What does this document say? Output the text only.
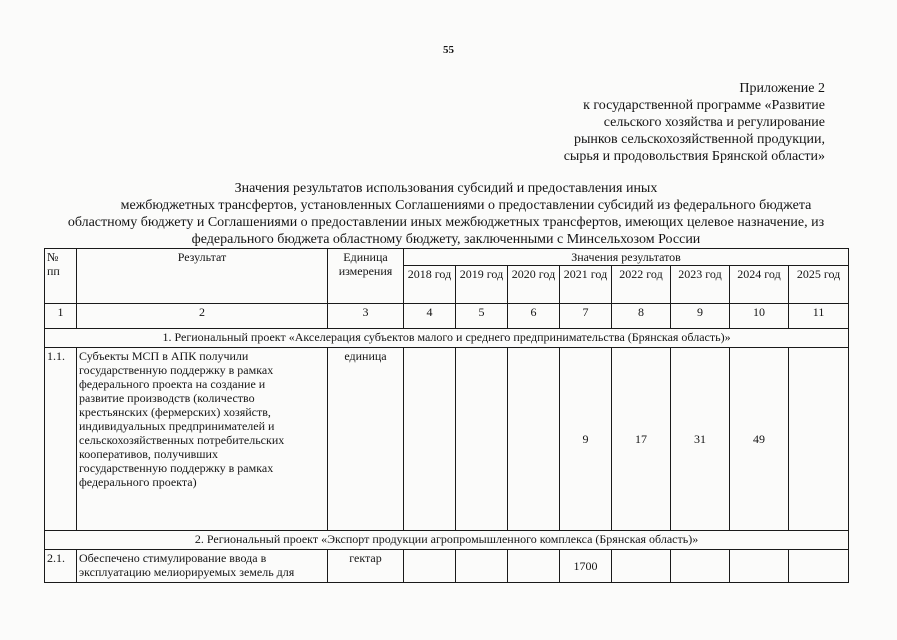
55
Приложение 2
к государственной программе «Развитие
сельского хозяйства и регулирование
рынков сельскохозяйственной продукции,
сырья и продовольствия Брянской области»
Значения результатов использования субсидий и предоставления иных
межбюджетных трансфертов, установленных Соглашениями о предоставлении субсидий из федерального бюджета
областному бюджету и Соглашениями о предоставлении иных межбюджетных трансфертов, имеющих целевое назначение, из
федерального бюджета областному бюджету, заключенными с Минсельхозом России
№ пп	Результат	Единица измерения	Значения результатов							
			2018 год	2019 год	2020 год	2021 год	2022 год	2023 год	2024 год	2025 год
1	2	3	4	5	6	7	8	9	10	11
1. Региональный проект «Акселерация субъектов малого и среднего предпринимательства (Брянская область)»										
1.1.	Субъекты МСП в АПК получили государственную поддержку в рамках федерального проекта на создание и развитие производств (количество крестьянских (фермерских) хозяйств, индивидуальных предпринимателей и сельскохозяйственных потребительских кооперативов, получивших государственную поддержку в рамках федерального проекта)	единица				9	17	31	49	
2. Региональный проект «Экспорт продукции агропромышленного комплекса (Брянская область)»										
2.1.	Обеспечено стимулирование ввода в эксплуатацию мелиорируемых земель для	гектар				1700				
